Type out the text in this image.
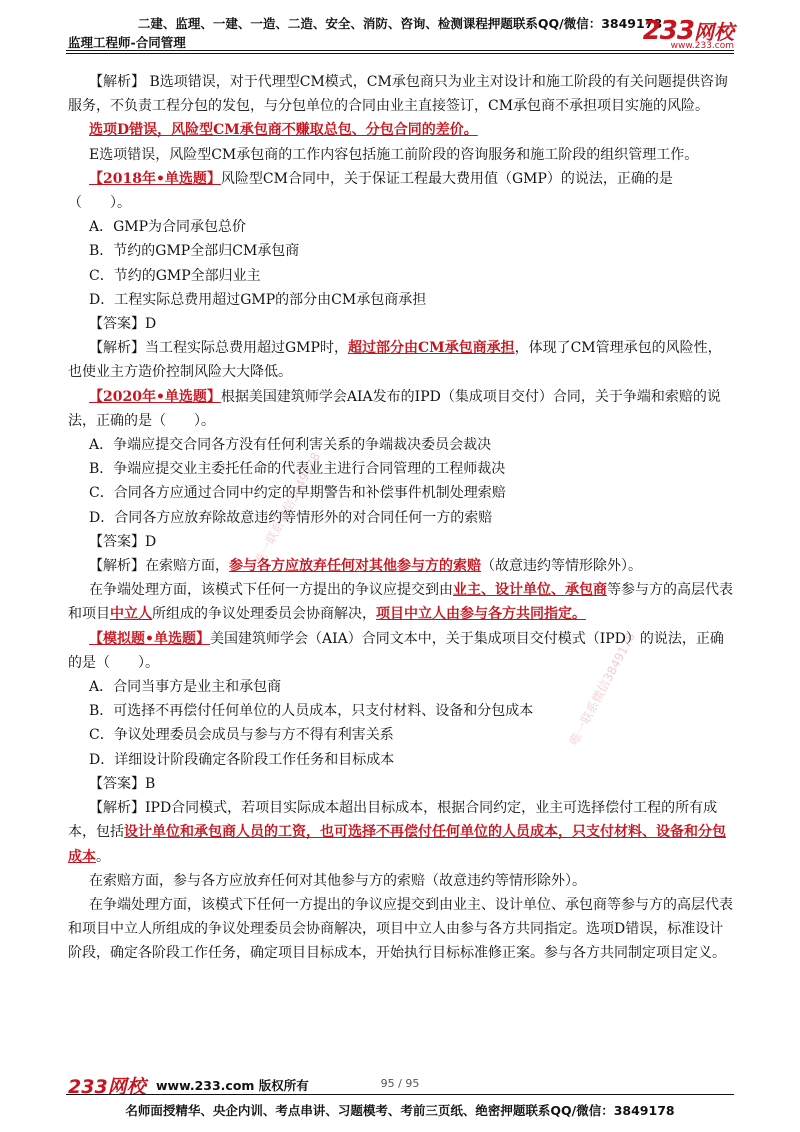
二建、监理、一建、一造、二造、安全、消防、咨询、检测课程押题联系QQ/微信：3849178
监理工程师-合同管理	233网校
www.233.com
唯一联系微信3849178
唯一联系微信3849178

【解析】 B选项错误，对于代理型CM模式，CM承包商只为业主对设计和施工阶段的有关问题提供咨询服务，不负责工程分包的发包，与分包单位的合同由业主直接签订，CM承包商不承担项目实施的风险。

选项D错误，风险型CM承包商不赚取总包、分包合同的差价。

E选项错误，风险型CM承包商的工作内容包括施工前阶段的咨询服务和施工阶段的组织管理工作。

【2018年•单选题】风险型CM合同中，关于保证工程最大费用值（GMP）的说法，正确的是（　　）。

A．GMP为合同承包总价

B．节约的GMP全部归CM承包商

C．节约的GMP全部归业主

D．工程实际总费用超过GMP的部分由CM承包商承担

【答案】D

【解析】当工程实际总费用超过GMP时，超过部分由CM承包商承担，体现了CM管理承包的风险性，也使业主方造价控制风险大大降低。

【2020年•单选题】根据美国建筑师学会AIA发布的IPD（集成项目交付）合同，关于争端和索赔的说法，正确的是（　　）。

A．争端应提交合同各方没有任何利害关系的争端裁决委员会裁决

B．争端应提交业主委托任命的代表业主进行合同管理的工程师裁决

C．合同各方应通过合同中约定的早期警告和补偿事件机制处理索赔

D．合同各方应放弃除故意违约等情形外的对合同任何一方的索赔

【答案】D

【解析】在索赔方面，参与各方应放弃任何对其他参与方的索赔（故意违约等情形除外）。

在争端处理方面，该模式下任何一方提出的争议应提交到由业主、设计单位、承包商等参与方的高层代表和项目中立人所组成的争议处理委员会协商解决，项目中立人由参与各方共同指定。

【模拟题•单选题】美国建筑师学会（AIA）合同文本中，关于集成项目交付模式（IPD）的说法，正确的是（　　）。

A．合同当事方是业主和承包商

B．可选择不再偿付任何单位的人员成本，只支付材料、设备和分包成本

C．争议处理委员会成员与参与方不得有利害关系

D．详细设计阶段确定各阶段工作任务和目标成本

【答案】B

【解析】IPD合同模式，若项目实际成本超出目标成本，根据合同约定，业主可选择偿付工程的所有成本，包括设计单位和承包商人员的工资，也可选择不再偿付任何单位的人员成本，只支付材料、设备和分包成本。

在索赔方面，参与各方应放弃任何对其他参与方的索赔（故意违约等情形除外）。

在争端处理方面，该模式下任何一方提出的争议应提交到由业主、设计单位、承包商等参与方的高层代表和项目中立人所组成的争议处理委员会协商解决，项目中立人由参与各方共同指定。选项D错误，标准设计阶段，确定各阶段工作任务，确定项目目标成本，开始执行目标标准修正案。参与各方共同制定项目定义。

233网校 www.233.com 版权所有	95 / 95
名师面授精华、央企内训、考点串讲、习题模考、考前三页纸、绝密押题联系QQ/微信：3849178
